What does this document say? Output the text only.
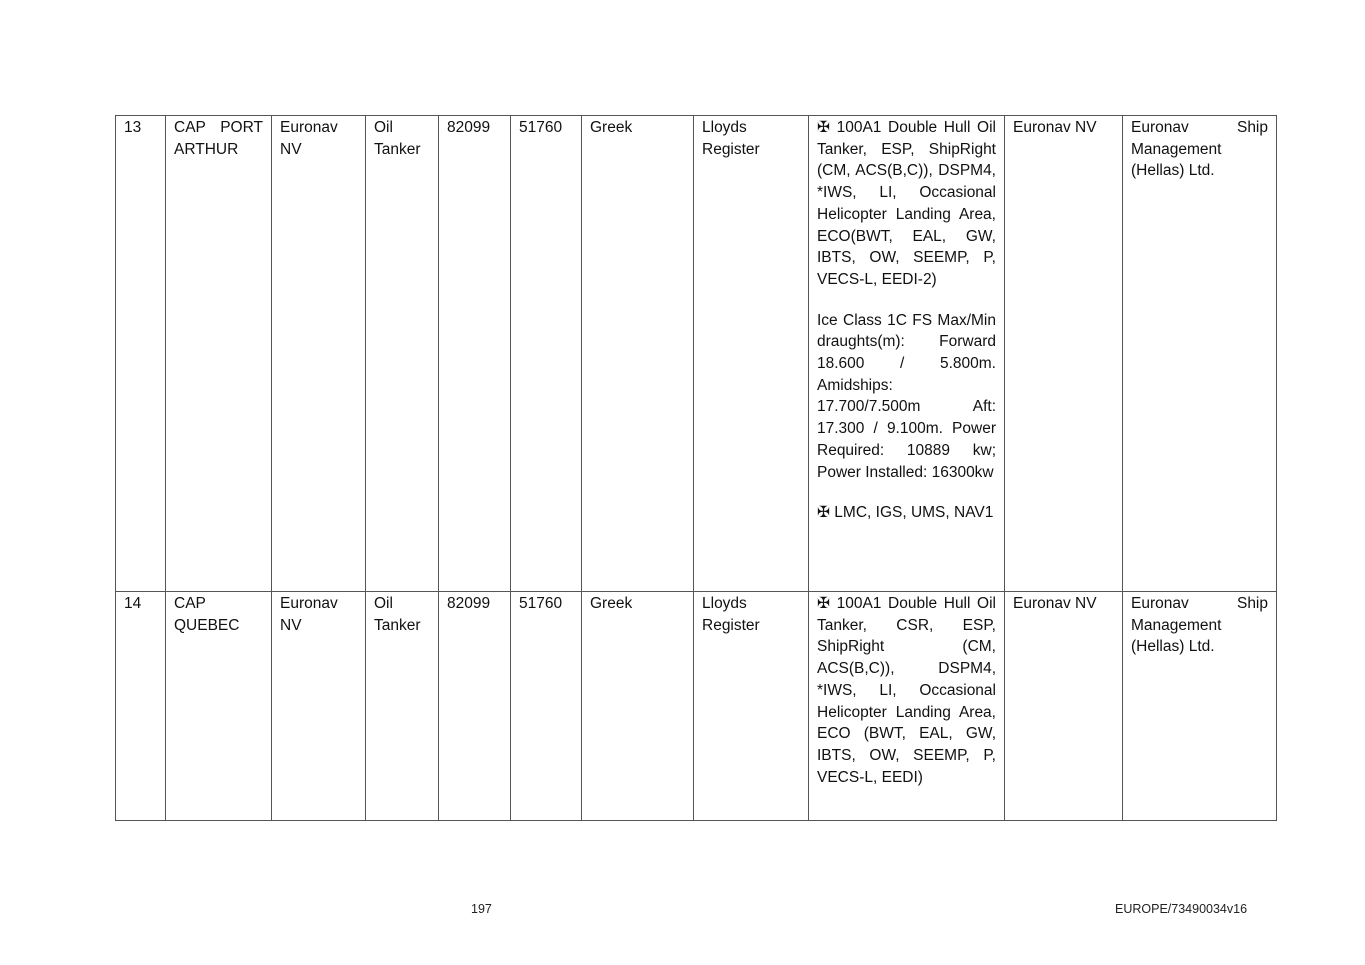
13	CAP PORT ARTHUR	Euronav NV	Oil Tanker	82099	51760	Greek	Lloyds Register	✠ 100A1 Double Hull Oil Tanker, ESP, ShipRight (CM, ACS(B,C)), DSPM4, *IWS, LI, Occasional Helicopter Landing Area, ECO(BWT, EAL, GW, IBTS, OW, SEEMP, P, VECS-L, EEDI-2)

Ice Class 1C FS Max/Min draughts(m): Forward 18.600 / 5.800m. Amidships: 17.700/7.500m Aft: 17.300 / 9.100m. Power Required: 10889 kw; Power Installed: 16300kw

✠ LMC, IGS, UMS, NAV1	Euronav NV	Euronav Ship Management (Hellas) Ltd.
14	CAP QUEBEC	Euronav NV	Oil Tanker	82099	51760	Greek	Lloyds Register	✠ 100A1 Double Hull Oil Tanker, CSR, ESP, ShipRight (CM, ACS(B,C)), DSPM4, *IWS, LI, Occasional Helicopter Landing Area, ECO (BWT, EAL, GW, IBTS, OW, SEEMP, P, VECS-L, EEDI)	Euronav NV	Euronav Ship Management (Hellas) Ltd.
197	EUROPE/73490034v16
